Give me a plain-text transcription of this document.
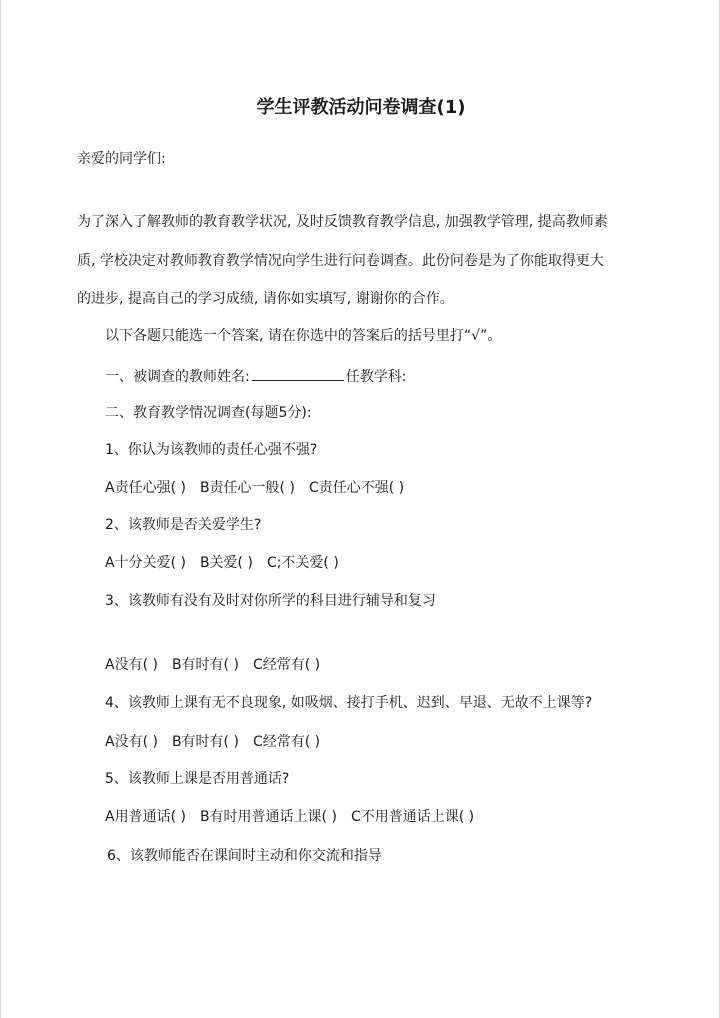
学生评教活动问卷调查(1)
亲爱的同学们:
为了深入了解教师的教育教学状况, 及时反馈教育教学信息, 加强教学管理, 提高教师素
质, 学校决定对教师教育教学情况向学生进行问卷调查。此份问卷是为了你能取得更大
的进步, 提高自己的学习成绩, 请你如实填写, 谢谢你的合作。
以下各题只能选一个答案, 请在你选中的答案后的括号里打“√”。
一、被调查的教师姓名:	任教学科:
二、教育教学情况调查(每题5分):
1、你认为该教师的责任心强不强?
A责任心强( ) B责任心一般( ) C责任心不强( )
2、该教师是否关爱学生?
A十分关爱( ) B关爱( ) C;不关爱( )
3、该教师有没有及时对你所学的科目进行辅导和复习
A没有( ) B有时有( ) C经常有( )
4、该教师上课有无不良现象, 如吸烟、接打手机、迟到、早退、无故不上课等?
A没有( ) B有时有( ) C经常有( )
5、该教师上课是否用普通话?
A用普通话( ) B有时用普通话上课( ) C不用普通话上课( )
6、该教师能否在课间时主动和你交流和指导
